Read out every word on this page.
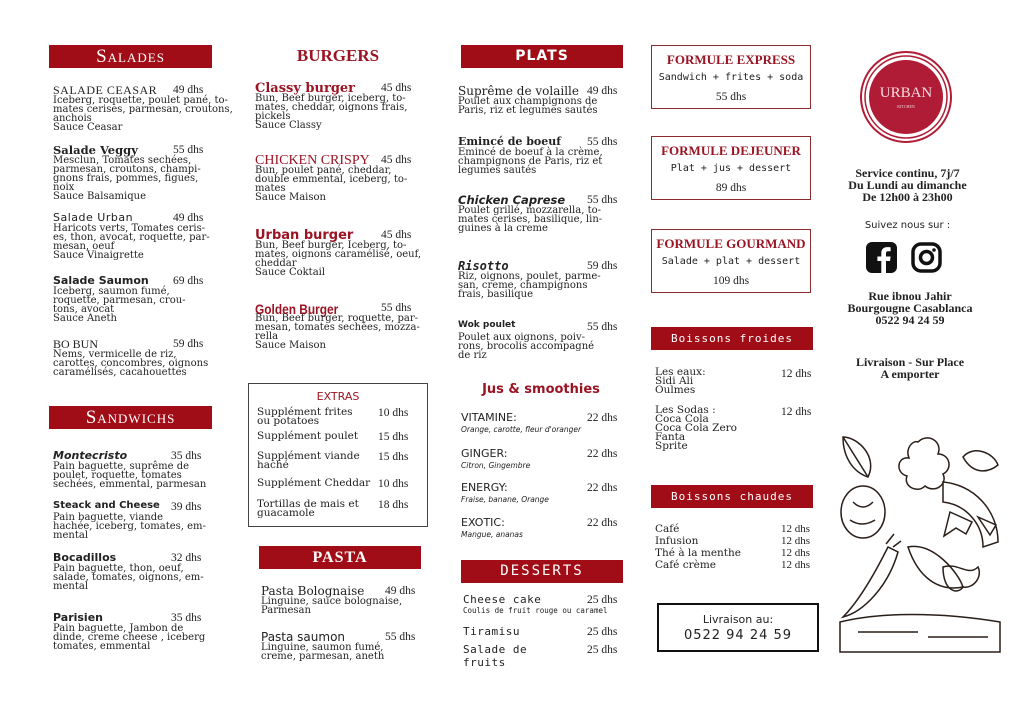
Salades
Sandwichs
BURGERS
EXTRAS
Supplément frites
ou potatoes
10 dhs
Supplément poulet 15 dhs
Supplément viande
haché
15 dhs
Supplément Cheddar 10 dhs
Tortillas de mais et
guacamole
18 dhs
PASTA
PLATS
Jus & smoothies
DESSERTS
Boissons froides
Boissons chaudes
SALADE CEASAR 49 dhs
Iceberg, roquette, poulet pané, to-
mates cerises, parmesan, croutons,
anchois
Sauce Ceasar
Salade Veggy	55 dhs
Mesclun, Tomates sechées,
parmesan, croutons, champi-
gnons frais, pommes, figues,
noix
Sauce Balsamique
Salade Urban	49 dhs
Haricots verts, Tomates ceris-
es, thon, avocat, roquette, par-
mesan, oeuf
Sauce Vinaigrette
Salade Saumon 69 dhs
Iceberg, saumon fumé,
roquette, parmesan, crou-
tons, avocat
Sauce Aneth
BO BUN	59 dhs
Nems, vermicelle de riz,
carottes, concombres, oignons
caramélisés, cacahouettes
Montecristo	35 dhs
Pain baguette, suprême de
poulet, roquette, tomates
sechées, emmental, parmesan
Steack and Cheese 39 dhs
Pain baguette, viande
hachée, iceberg, tomates, em-
mental
Bocadillos	32 dhs
Pain baguette, thon, oeuf,
salade, tomates, oignons, em-
mental
Parisien	35 dhs
Pain baguette, Jambon de
dinde, creme cheese , iceberg
tomates, emmental
Classy burger 45 dhs
Bun, Beef burger, iceberg, to-
mates, cheddar, oignons frais,
pickels
Sauce Classy
CHICKEN CRISPY 45 dhs
Bun, poulet pané, cheddar,
double emmental, iceberg, to-
mates
Sauce Maison
Urban burger 45 dhs
Bun, Beef burger, Iceberg, to-
mates, oignons caramélisé, oeuf,
cheddar
Sauce Coktail
Golden Burger	55 dhs
Bun, Beef burger, roquette, par-
mesan, tomates sechées, mozza-
rella
Sauce Maison
Pasta Bolognaise 49 dhs
Linguine, sauce bolognaise,
Parmesan
Pasta saumon	55 dhs
Linguine, saumon fumé,
creme, parmesan, aneth
Suprême de volaille 49 dhs
Poulet aux champignons de
Paris, riz et legumes sautés
Emincé de boeuf 55 dhs
Emincé de boeuf à la crème,
champignons de Paris, riz et
legumes sautés
Chicken Caprese 55 dhs
Poulet grillé, mozzarella, to-
mates cerises, basilique, lin-
guines à la creme
Risotto	59 dhs
Riz, oignons, poulet, parme-
san, creme, champignons
frais, basilique
Wok poulet	55 dhs
Poulet aux oignons, poiv-
rons, brocolis accompagné
de riz
VITAMINE:	22 dhs
Orange, carotte, fleur d'oranger
GINGER:	22 dhs
Citron, Gingembre
ENERGY:	22 dhs
Fraise, banane, Orange
EXOTIC:	22 dhs
Mangue, ananas
Cheese cake	25 dhs
Coulis de fruit rouge ou caramel
Tiramisu	25 dhs
Salade de
fruits
25 dhs
Les eaux:
Sidi Ali
Oulmes
12 dhs
Les Sodas :
Coca Cola
Coca Cola Zero
Fanta
Sprite
12 dhs
Café	12 dhs
Infusion	12 dhs
Thé à la menthe	12 dhs
Café crème	12 dhs
FORMULE EXPRESS
Sandwich + frites + soda
55 dhs
FORMULE DEJEUNER
Plat + jus + dessert
89 dhs
FORMULE GOURMAND
Salade + plat + dessert
109 dhs
Livraison au:
0522 94 24 59
URBAN
KITCHEN
Service continu, 7j/7
Du Lundi au dimanche
De 12h00 à 23h00
Suivez nous sur :
Rue ibnou Jahir
Bourgougne Casablanca
0522 94 24 59
Livraison - Sur Place
A emporter
